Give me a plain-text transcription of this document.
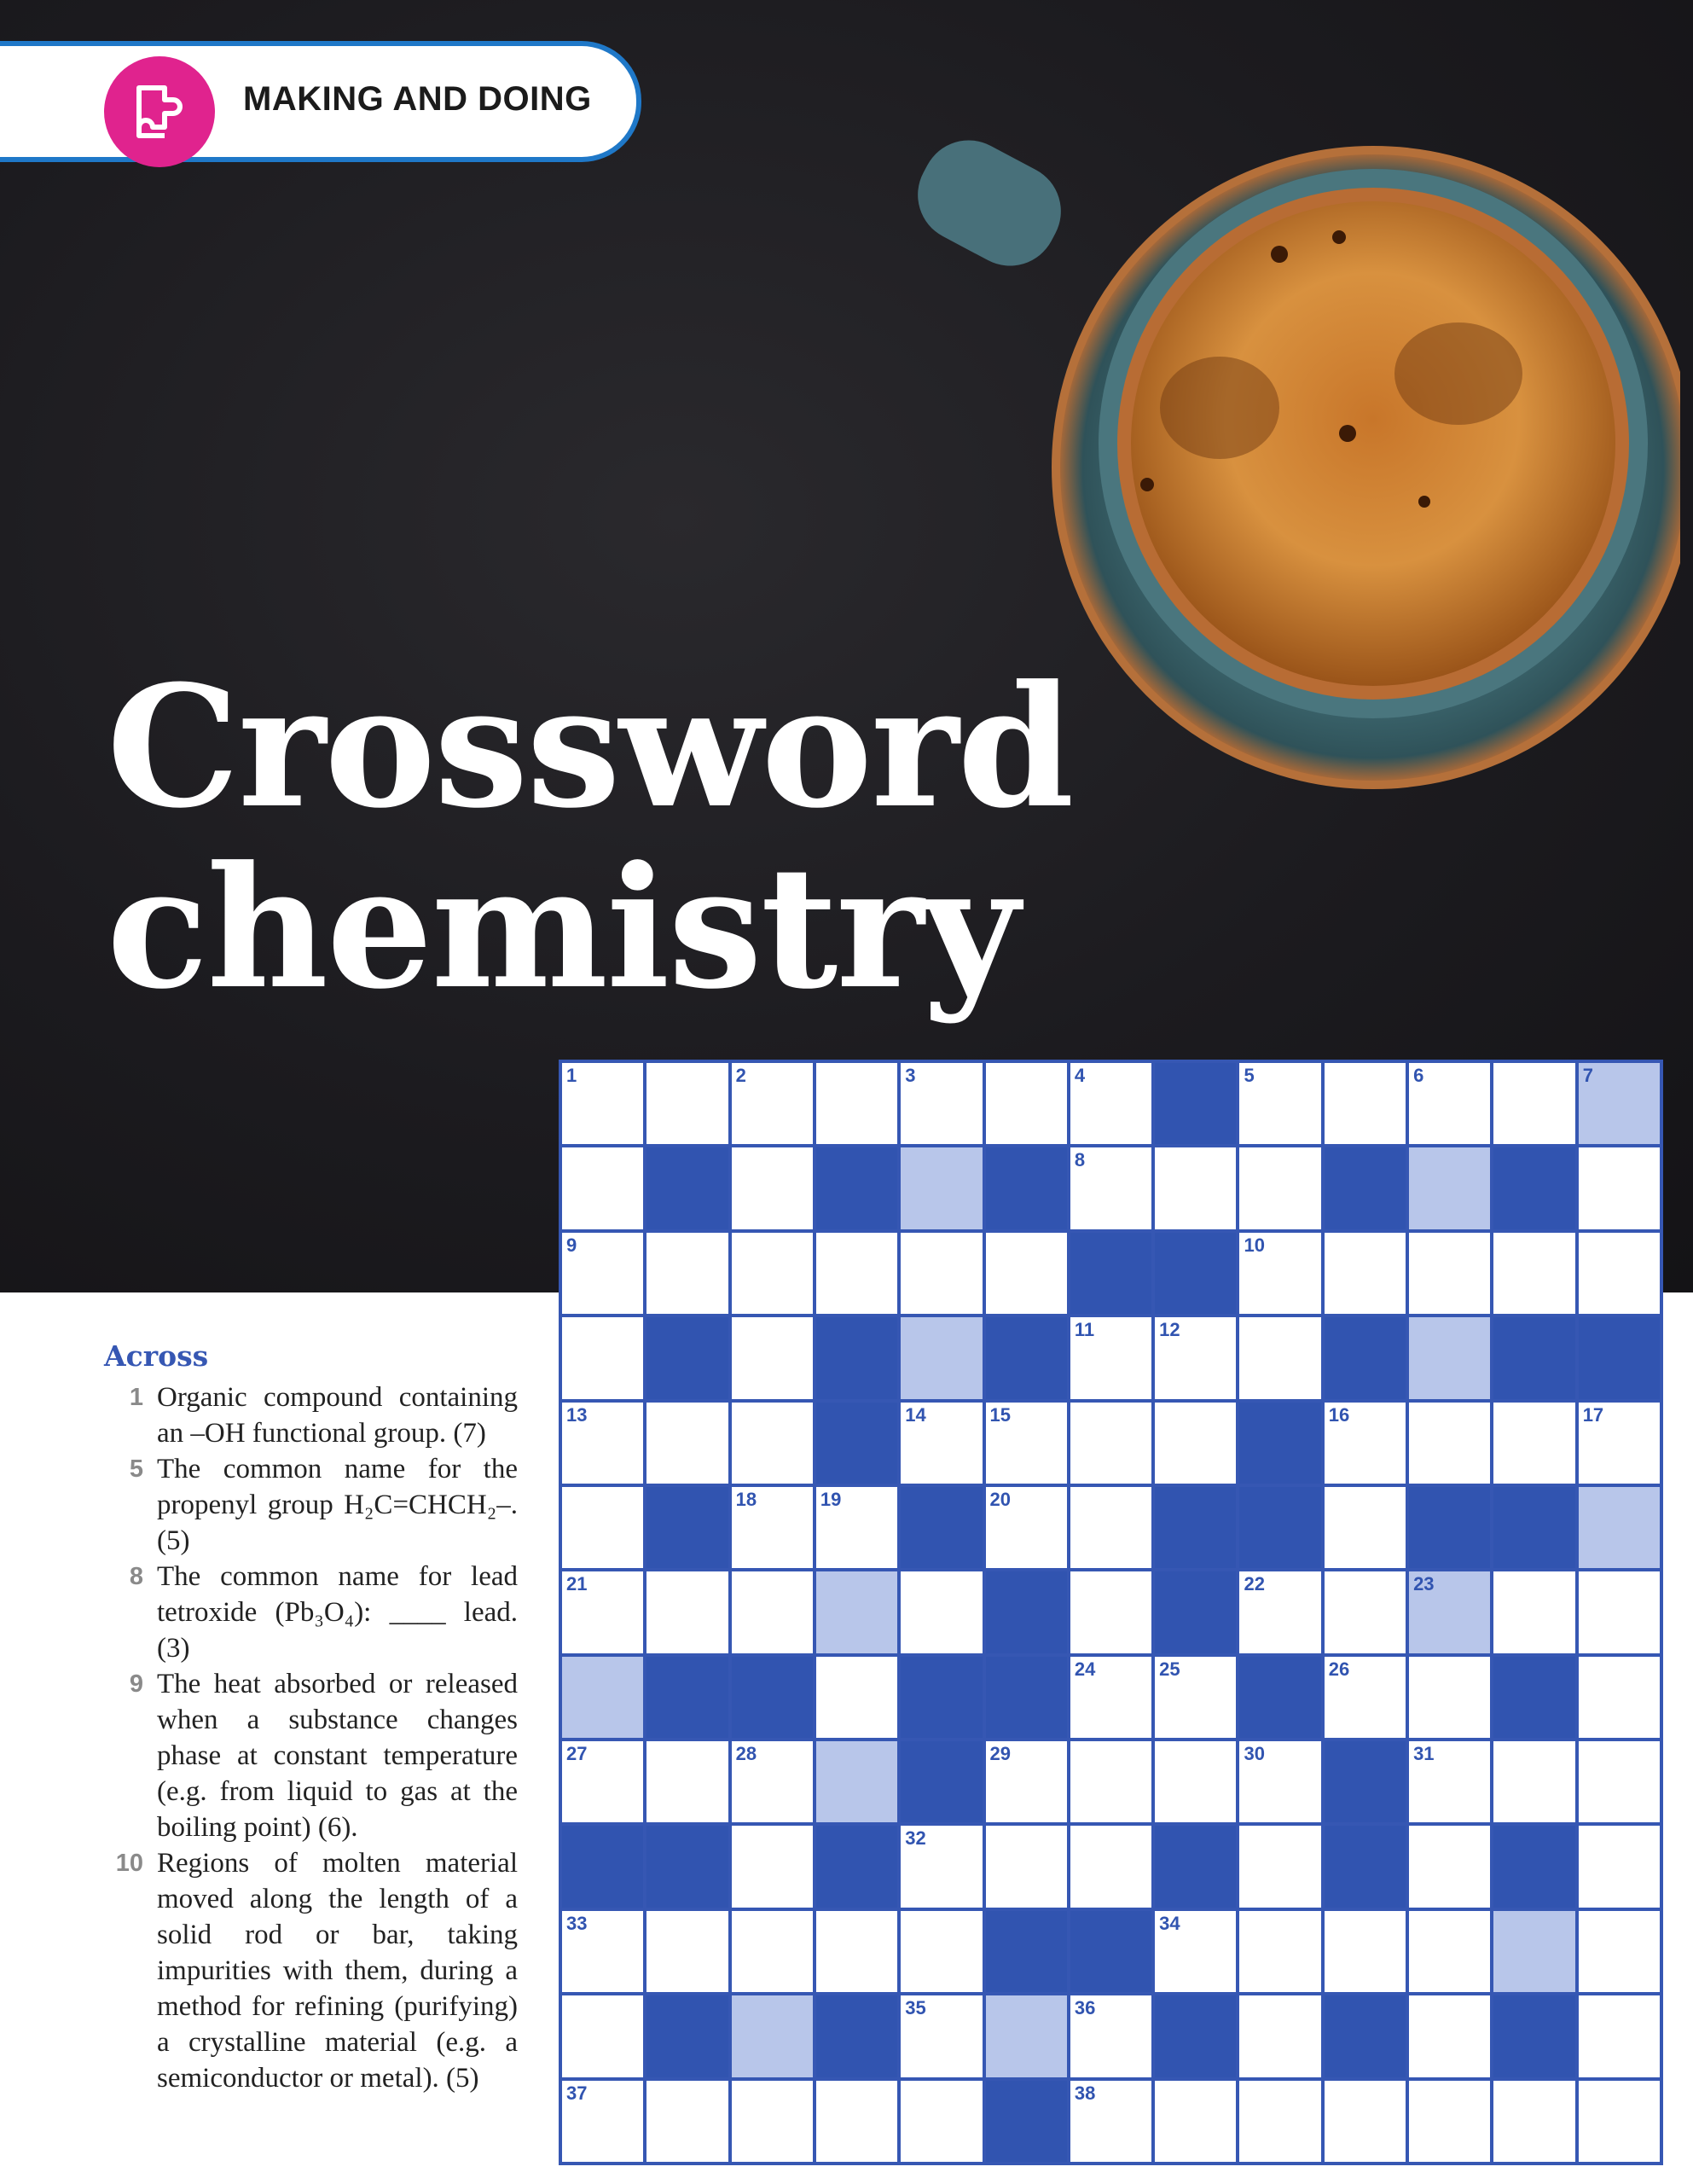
MAKING AND DOING
Crossword
chemistry
1	2	3	4	5	6	7
8
9	10
11	12
13	14	15	16	17
18	19	20
21	22	23
24	25	26
27	28	29	30	31
32
33	34
35	36
37	38
Across
1 Organic compound containing an –OH functional group. (7)
5 The common name for the propenyl group H₂C=CHCH₂–. (5)
8 The common name for lead tetroxide (Pb₃O₄): ____ lead. (3)
9 The heat absorbed or released when a substance changes phase at constant temperature (e.g. from liquid to gas at the boiling point) (6).
10 Regions of molten material moved along the length of a solid rod or bar, taking impurities with them, during a method for refining (purifying) a crystalline material (e.g. a semiconductor or metal). (5)
